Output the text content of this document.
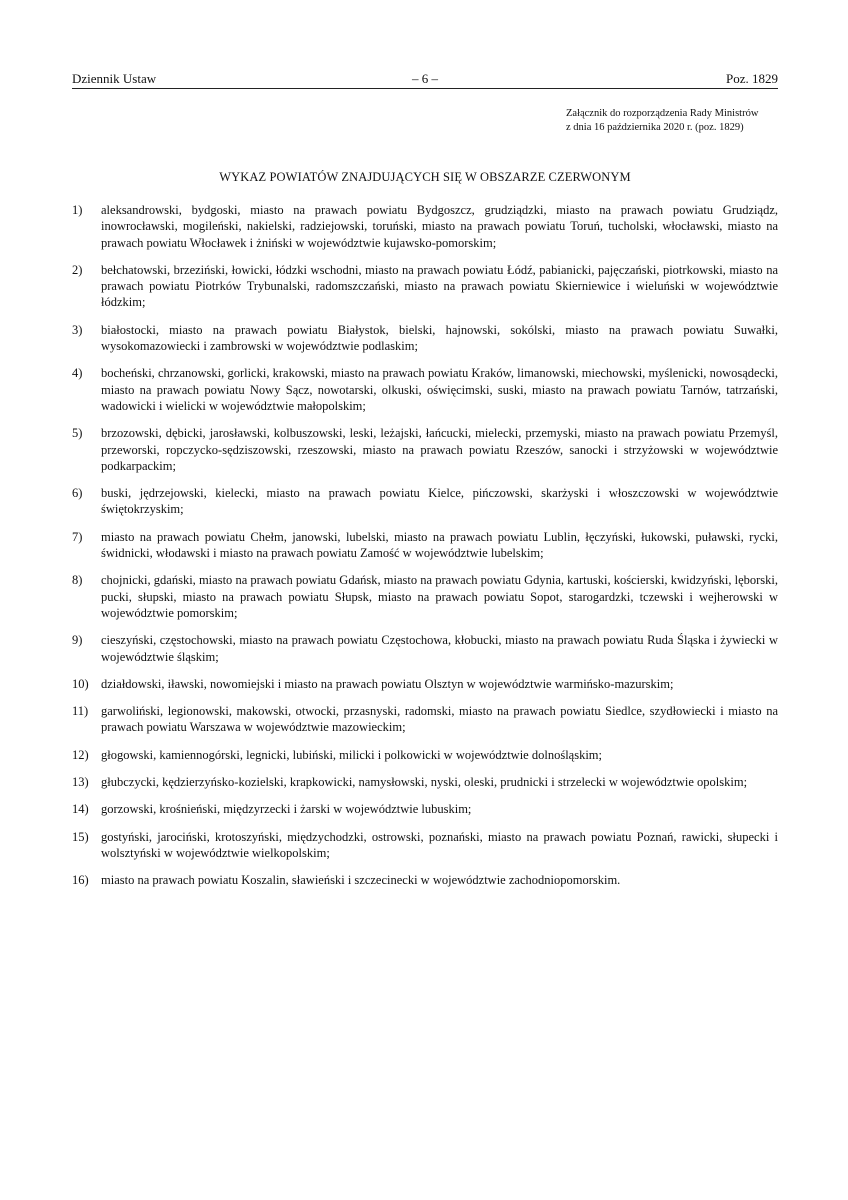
Dziennik Ustaw	– 6 –	Poz. 1829
Załącznik do rozporządzenia Rady Ministrów
z dnia 16 października 2020 r. (poz. 1829)
WYKAZ POWIATÓW ZNAJDUJĄCYCH SIĘ W OBSZARZE CZERWONYM
1)	aleksandrowski, bydgoski, miasto na prawach powiatu Bydgoszcz, grudziądzki, miasto na prawach powiatu Grudziądz, inowrocławski, mogileński, nakielski, radziejowski, toruński, miasto na prawach powiatu Toruń, tucholski, włocławski, miasto na prawach powiatu Włocławek i żniński w województwie kujawsko-pomorskim;
2)	bełchatowski, brzeziński, łowicki, łódzki wschodni, miasto na prawach powiatu Łódź, pabianicki, pajęczański, piotrkowski, miasto na prawach powiatu Piotrków Trybunalski, radomszczański, miasto na prawach powiatu Skierniewice i wieluński w województwie łódzkim;
3)	białostocki, miasto na prawach powiatu Białystok, bielski, hajnowski, sokólski, miasto na prawach powiatu Suwałki, wysokomazowiecki i zambrowski w województwie podlaskim;
4)	bocheński, chrzanowski, gorlicki, krakowski, miasto na prawach powiatu Kraków, limanowski, miechowski, myślenicki, nowosądecki, miasto na prawach powiatu Nowy Sącz, nowotarski, olkuski, oświęcimski, suski, miasto na prawach powiatu Tarnów, tatrzański, wadowicki i wielicki w województwie małopolskim;
5)	brzozowski, dębicki, jarosławski, kolbuszowski, leski, leżajski, łańcucki, mielecki, przemyski, miasto na prawach powiatu Przemyśl, przeworski, ropczycko-sędziszowski, rzeszowski, miasto na prawach powiatu Rzeszów, sanocki i strzyżowski w województwie podkarpackim;
6)	buski, jędrzejowski, kielecki, miasto na prawach powiatu Kielce, pińczowski, skarżyski i włoszczowski w województwie świętokrzyskim;
7)	miasto na prawach powiatu Chełm, janowski, lubelski, miasto na prawach powiatu Lublin, łęczyński, łukowski, puławski, rycki, świdnicki, włodawski i miasto na prawach powiatu Zamość w województwie lubelskim;
8)	chojnicki, gdański, miasto na prawach powiatu Gdańsk, miasto na prawach powiatu Gdynia, kartuski, kościerski, kwidzyński, lęborski, pucki, słupski, miasto na prawach powiatu Słupsk, miasto na prawach powiatu Sopot, starogardzki, tczewski i wejherowski w województwie pomorskim;
9)	cieszyński, częstochowski, miasto na prawach powiatu Częstochowa, kłobucki, miasto na prawach powiatu Ruda Śląska i żywiecki w województwie śląskim;
10) działdowski, iławski, nowomiejski i miasto na prawach powiatu Olsztyn w województwie warmińsko-mazurskim;
11)	garwoliński, legionowski, makowski, otwocki, przasnyski, radomski, miasto na prawach powiatu Siedlce, szydłowiecki i miasto na prawach powiatu Warszawa w województwie mazowieckim;
12) głogowski, kamiennogórski, legnicki, lubiński, milicki i polkowicki w województwie dolnośląskim;
13) głubczycki, kędzierzyńsko-kozielski, krapkowicki, namysłowski, nyski, oleski, prudnicki i strzelecki w województwie opolskim;
14) gorzowski, krośnieński, międzyrzecki i żarski w województwie lubuskim;
15) gostyński, jarociński, krotoszyński, międzychodzki, ostrowski, poznański, miasto na prawach powiatu Poznań, rawicki, słupecki i wolsztyński w województwie wielkopolskim;
16) miasto na prawach powiatu Koszalin, sławieński i szczecinecki w województwie zachodniopomorskim.
